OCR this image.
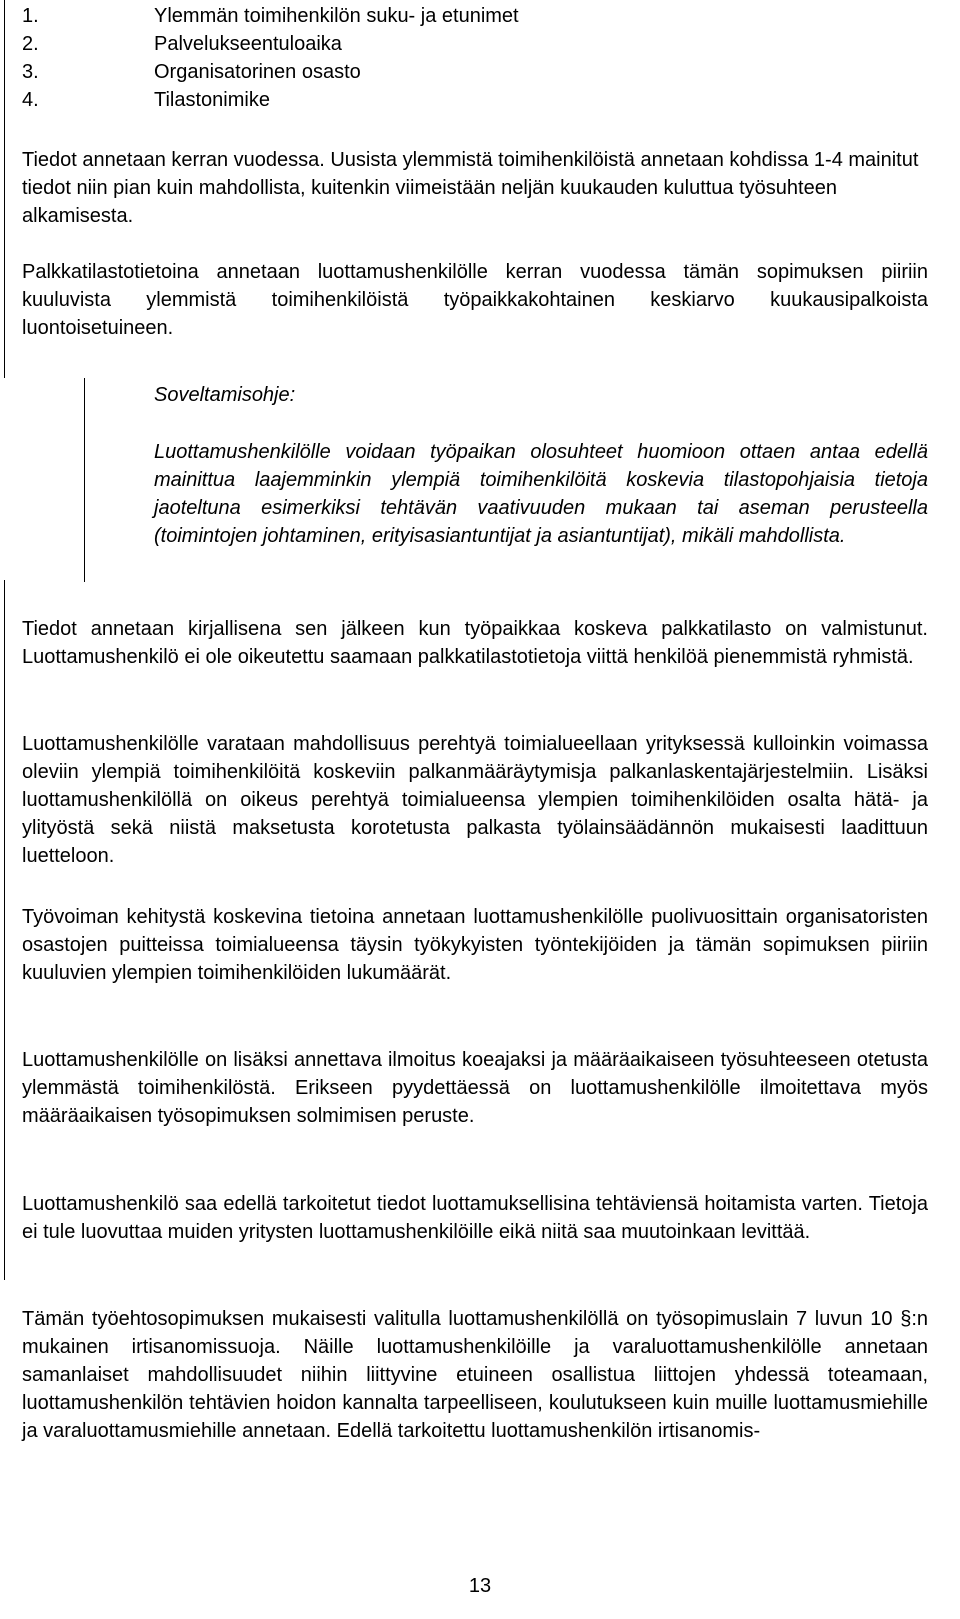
1.	Ylemmän toimihenkilön suku- ja etunimet
2.	Palvelukseentuloaika
3.	Organisatorinen osasto
4.	Tilastonimike

Tiedot annetaan kerran vuodessa. Uusista ylemmistä toimihenkilöistä annetaan kohdissa 1-4 mainitut tiedot niin pian kuin mahdollista, kuitenkin viimeistään neljän kuukauden kuluttua työsuhteen alkamisesta.

Palkkatilastotietoina annetaan luottamushenkilölle kerran vuodessa tämän sopimuksen piiriin kuuluvista ylemmistä toimihenkilöistä työpaikkakohtainen keskiarvo kuukausipalkoista luontoisetuineen.

Soveltamisohje:

Luottamushenkilölle voidaan työpaikan olosuhteet huomioon ottaen antaa edellä mainittua laajemminkin ylempiä toimihenkilöitä koskevia tilastopohjaisia tietoja jaoteltuna esimerkiksi tehtävän vaativuuden mukaan tai aseman perusteella (toimintojen johtaminen, erityisasiantuntijat ja asiantuntijat), mikäli mahdollista.

Tiedot annetaan kirjallisena sen jälkeen kun työpaikkaa koskeva palkkatilasto on valmistunut. Luottamushenkilö ei ole oikeutettu saamaan palkkatilastotietoja viittä henkilöä pienemmistä ryhmistä.

Luottamushenkilölle varataan mahdollisuus perehtyä toimialueellaan yrityksessä kulloinkin voimassa oleviin ylempiä toimihenkilöitä koskeviin palkanmääräytymisja palkanlaskentajärjestelmiin. Lisäksi luottamushenkilöllä on oikeus perehtyä toimialueensa ylempien toimihenkilöiden osalta hätä- ja ylityöstä sekä niistä maksetusta korotetusta palkasta työlainsäädännön mukaisesti laadittuun luetteloon.

Työvoiman kehitystä koskevina tietoina annetaan luottamushenkilölle puolivuosittain organisatoristen osastojen puitteissa toimialueensa täysin työkykyisten työntekijöiden ja tämän sopimuksen piiriin kuuluvien ylempien toimihenkilöiden lukumäärät.

Luottamushenkilölle on lisäksi annettava ilmoitus koeajaksi ja määräaikaiseen työsuhteeseen otetusta ylemmästä toimihenkilöstä. Erikseen pyydettäessä on luottamushenkilölle ilmoitettava myös määräaikaisen työsopimuksen solmimisen peruste.

Luottamushenkilö saa edellä tarkoitetut tiedot luottamuksellisina tehtäviensä hoitamista varten. Tietoja ei tule luovuttaa muiden yritysten luottamushenkilöille eikä niitä saa muutoinkaan levittää.

Tämän työehtosopimuksen mukaisesti valitulla luottamushenkilöllä on työsopimuslain 7 luvun 10 §:n mukainen irtisanomissuoja. Näille luottamushenkilöille ja varaluottamushenkilölle annetaan samanlaiset mahdollisuudet niihin liittyvine etuineen osallistua liittojen yhdessä toteamaan, luottamushenkilön tehtävien hoidon kannalta tarpeelliseen, koulutukseen kuin muille luottamusmiehille ja varaluottamusmiehille annetaan. Edellä tarkoitettu luottamushenkilön irtisanomis-

13
